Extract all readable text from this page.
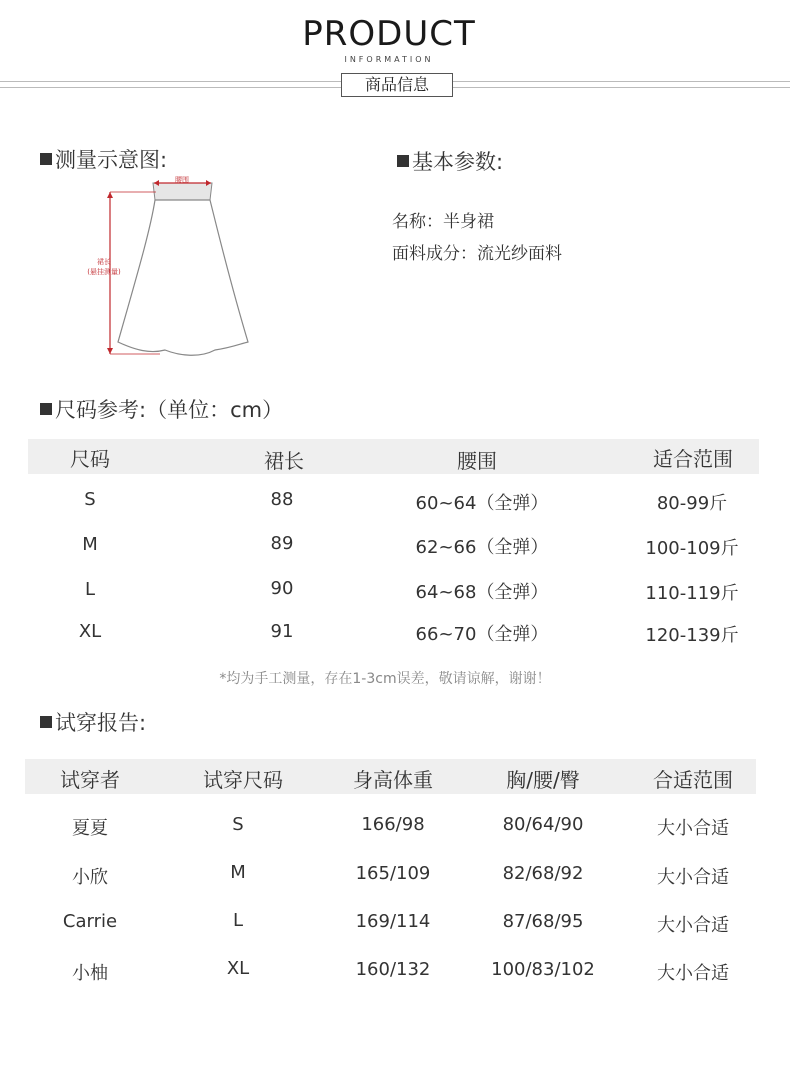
PRODUCT
INFORMATION
商品信息
测量示意图:
腰围
裙长
(悬挂测量)
基本参数:
名称：半身裙
面料成分：流光纱面料
尺码参考:（单位：cm）
尺码	裙长	腰围	适合范围
S	88	60~64（全弹）	80-99斤
M	89	62~66（全弹）	100-109斤
L	90	64~68（全弹）	110-119斤
XL	91	66~70（全弹）	120-139斤
*均为手工测量，存在1-3cm误差，敬请谅解，谢谢！
试穿报告:
试穿者	试穿尺码	身高体重	胸/腰/臀	合适范围
夏夏	S	166/98	80/64/90	大小合适
小欣	M	165/109	82/68/92	大小合适
Carrie	L	169/114	87/68/95	大小合适
小柚	XL	160/132	100/83/102	大小合适
